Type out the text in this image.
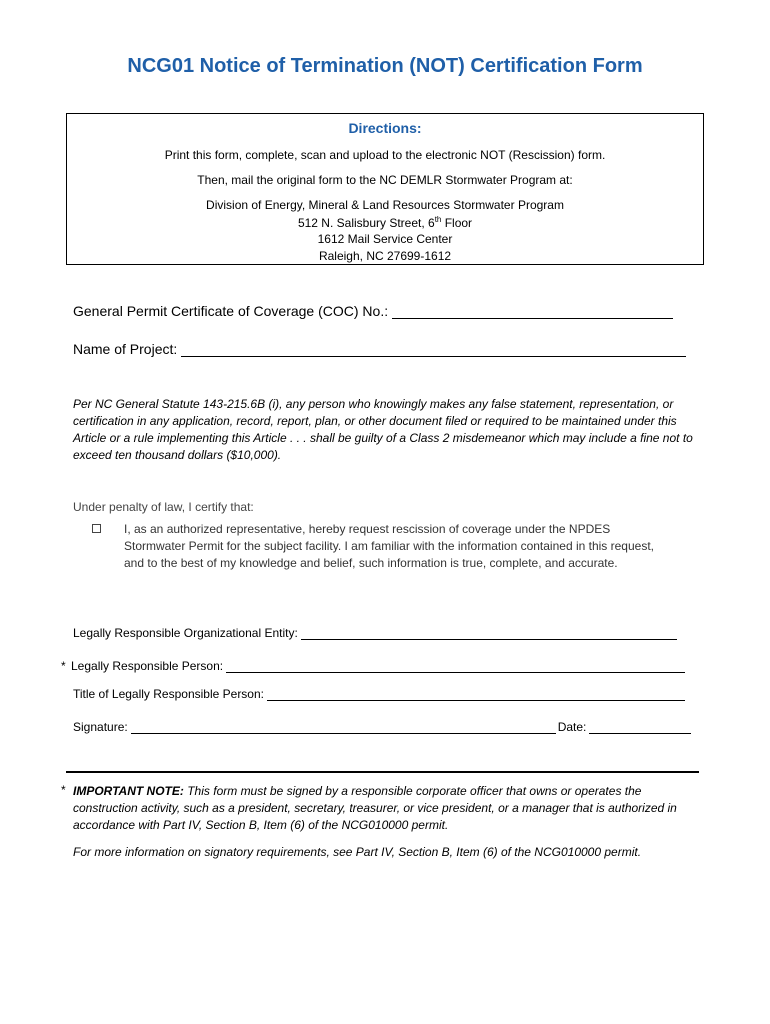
NCG01 Notice of Termination (NOT) Certification Form
Directions:
Print this form, complete, scan and upload to the electronic NOT (Rescission) form.
Then, mail the original form to the NC DEMLR Stormwater Program at:
Division of Energy, Mineral & Land Resources Stormwater Program
512 N. Salisbury Street, 6th Floor
1612 Mail Service Center
Raleigh, NC 27699-1612
General Permit Certificate of Coverage (COC) No.:
Name of Project:
Per NC General Statute 143-215.6B (i), any person who knowingly makes any false statement, representation, or certification in any application, record, report, plan, or other document filed or required to be maintained under this Article or a rule implementing this Article . . . shall be guilty of a Class 2 misdemeanor which may include a fine not to exceed ten thousand dollars ($10,000).
Under penalty of law, I certify that:
I, as an authorized representative, hereby request rescission of coverage under the NPDES Stormwater Permit for the subject facility. I am familiar with the information contained in this request, and to the best of my knowledge and belief, such information is true, complete, and accurate.
Legally Responsible Organizational Entity:
* Legally Responsible Person:
Title of Legally Responsible Person:
Signature:	Date:
* IMPORTANT NOTE: This form must be signed by a responsible corporate officer that owns or operates the construction activity, such as a president, secretary, treasurer, or vice president, or a manager that is authorized in accordance with Part IV, Section B, Item (6) of the NCG010000 permit.
For more information on signatory requirements, see Part IV, Section B, Item (6) of the NCG010000 permit.
